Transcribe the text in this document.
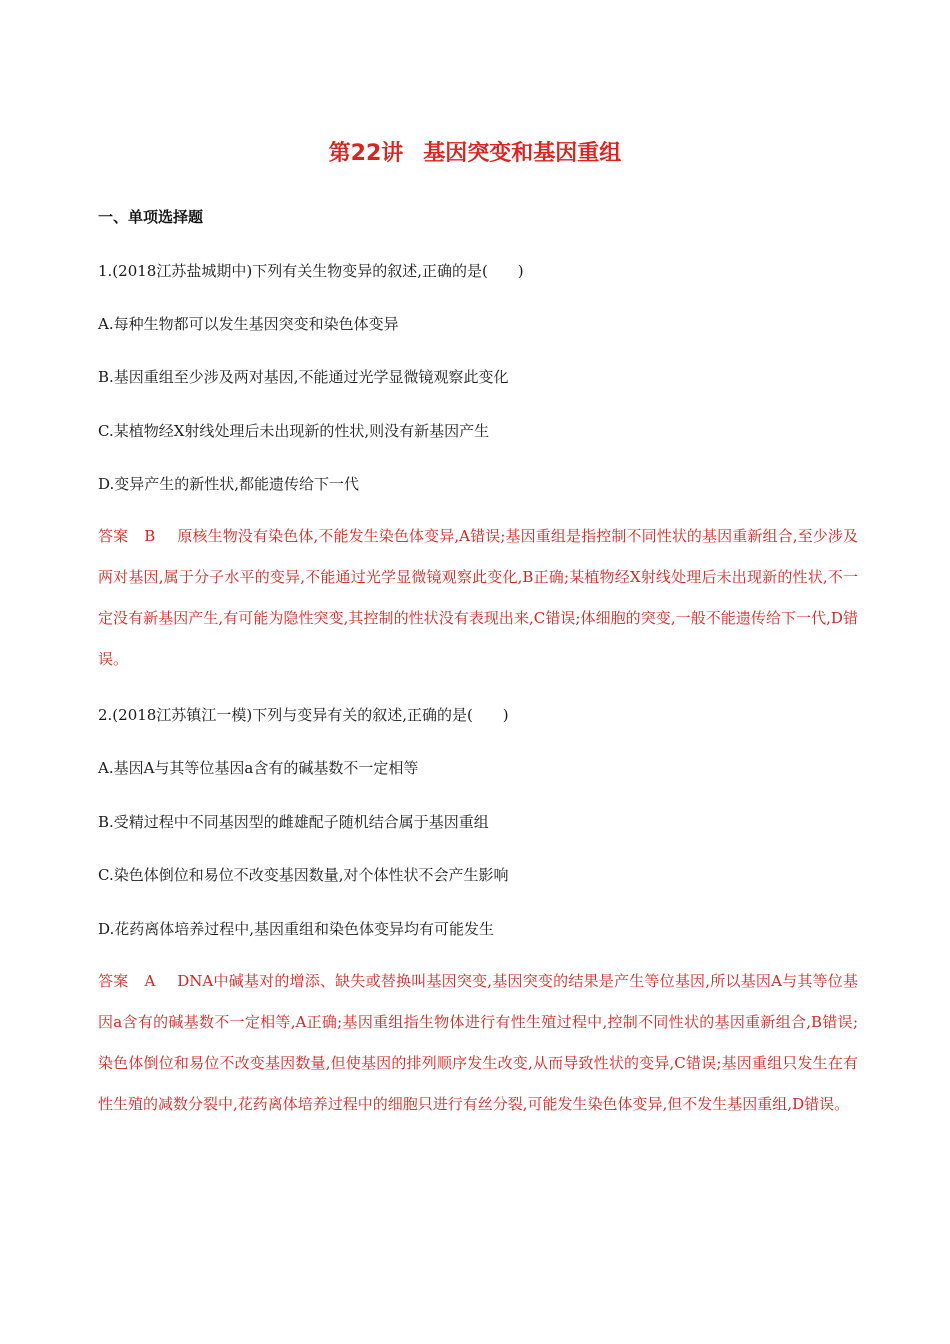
第22讲 基因突变和基因重组
一、单项选择题
1.(2018江苏盐城期中)下列有关生物变异的叙述,正确的是(　　)
A.每种生物都可以发生基因突变和染色体变异
B.基因重组至少涉及两对基因,不能通过光学显微镜观察此变化
C.某植物经X射线处理后未出现新的性状,则没有新基因产生
D.变异产生的新性状,都能遗传给下一代
答案 B 原核生物没有染色体,不能发生染色体变异,A错误;基因重组是指控制不同性状的基因重新组合,至少涉及两对基因,属于分子水平的变异,不能通过光学显微镜观察此变化,B正确;某植物经X射线处理后未出现新的性状,不一定没有新基因产生,有可能为隐性突变,其控制的性状没有表现出来,C错误;体细胞的突变,一般不能遗传给下一代,D错误。
2.(2018江苏镇江一模)下列与变异有关的叙述,正确的是(　　)
A.基因A与其等位基因a含有的碱基数不一定相等
B.受精过程中不同基因型的雌雄配子随机结合属于基因重组
C.染色体倒位和易位不改变基因数量,对个体性状不会产生影响
D.花药离体培养过程中,基因重组和染色体变异均有可能发生
答案 A DNA中碱基对的增添、缺失或替换叫基因突变,基因突变的结果是产生等位基因,所以基因A与其等位基因a含有的碱基数不一定相等,A正确;基因重组指生物体进行有性生殖过程中,控制不同性状的基因重新组合,B错误;染色体倒位和易位不改变基因数量,但使基因的排列顺序发生改变,从而导致性状的变异,C错误;基因重组只发生在有性生殖的减数分裂中,花药离体培养过程中的细胞只进行有丝分裂,可能发生染色体变异,但不发生基因重组,D错误。
